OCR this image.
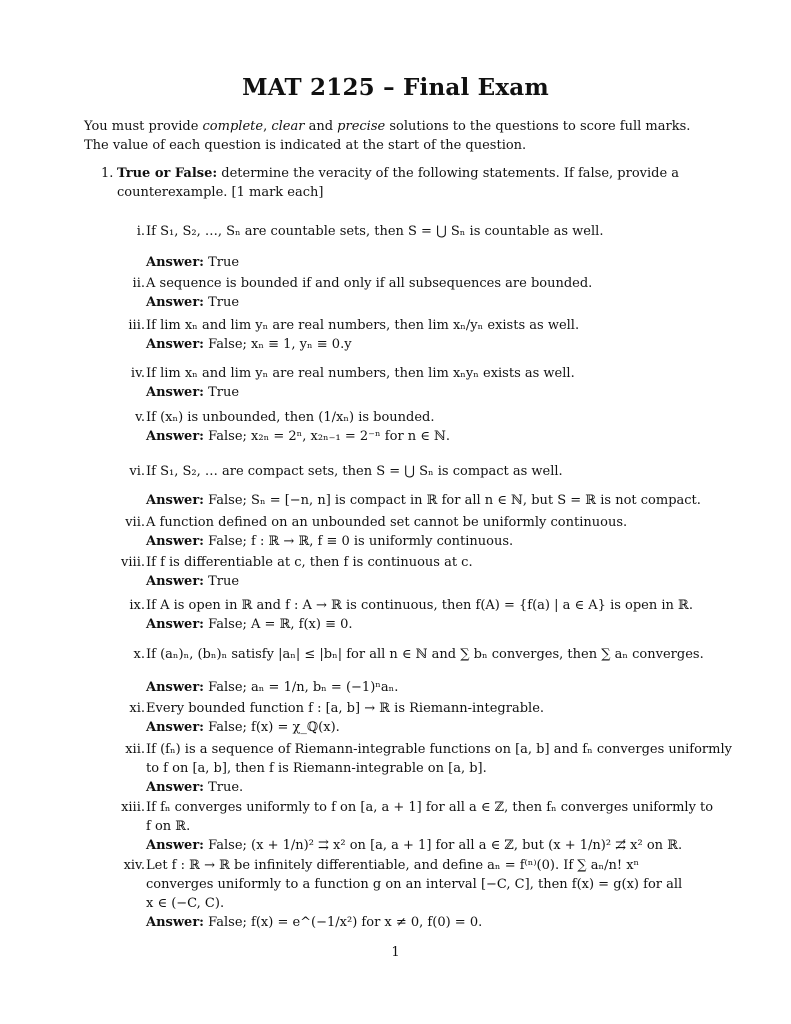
MAT 2125 – Final Exam
You must provide complete, clear and precise solutions to the questions to score full marks. The value of each question is indicated at the start of the question.
1. True or False: determine the veracity of the following statements. If false, provide a counterexample. [1 mark each]
i. If S₁, S₂, …, Sₙ are countable sets, then S = ⋃ Sₙ is countable as well.
Answer: True
ii. A sequence is bounded if and only if all subsequences are bounded.
Answer: True
iii. If lim xₙ and lim yₙ are real numbers, then lim xₙ/yₙ exists as well.
Answer: False; xₙ ≡ 1, yₙ ≡ 0.y
iv. If lim xₙ and lim yₙ are real numbers, then lim xₙyₙ exists as well.
Answer: True
v. If (xₙ) is unbounded, then (1/xₙ) is bounded.
Answer: False; x₂ₙ = 2ⁿ, x₂ₙ₋₁ = 2⁻ⁿ for n ∈ ℕ.
vi. If S₁, S₂, … are compact sets, then S = ⋃ Sₙ is compact as well.
Answer: False; Sₙ = [−n, n] is compact in ℝ for all n ∈ ℕ, but S = ℝ is not compact.
vii. A function defined on an unbounded set cannot be uniformly continuous.
Answer: False; f : ℝ → ℝ, f ≡ 0 is uniformly continuous.
viii. If f is differentiable at c, then f is continuous at c.
Answer: True
ix. If A is open in ℝ and f : A → ℝ is continuous, then f(A) = {f(a) | a ∈ A} is open in ℝ.
Answer: False; A = ℝ, f(x) ≡ 0.
x. If (aₙ)ₙ, (bₙ)ₙ satisfy |aₙ| ≤ |bₙ| for all n ∈ ℕ and ∑ bₙ converges, then ∑ aₙ converges.
Answer: False; aₙ = 1/n, bₙ = (−1)ⁿaₙ.
xi. Every bounded function f : [a, b] → ℝ is Riemann-integrable.
Answer: False; f(x) = χ_ℚ(x).
xii. If (fₙ) is a sequence of Riemann-integrable functions on [a, b] and fₙ converges uniformly
to f on [a, b], then f is Riemann-integrable on [a, b].
Answer: True.
xiii. If fₙ converges uniformly to f on [a, a + 1] for all a ∈ ℤ, then fₙ converges uniformly to
f on ℝ.
Answer: False; (x + 1/n)² ⇉ x² on [a, a + 1] for all a ∈ ℤ, but (x + 1/n)² ⇉̸ x² on ℝ.
xiv. Let f : ℝ → ℝ be infinitely differentiable, and define aₙ = f⁽ⁿ⁾(0). If ∑ aₙ/n! xⁿ
converges uniformly to a function g on an interval [−C, C], then f(x) = g(x) for all
x ∈ (−C, C).
Answer: False; f(x) = e^(−1/x²) for x ≠ 0, f(0) = 0.
1
